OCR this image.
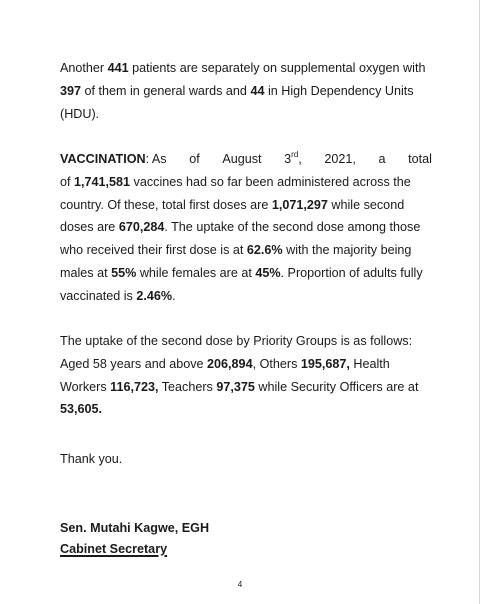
Another 441 patients are separately on supplemental oxygen with
397 of them in general wards and 44 in High Dependency Units
(HDU).

VACCINATION: As of August 3rd, 2021, a total
of 1,741,581 vaccines had so far been administered across the
country. Of these, total first doses are 1,071,297 while second
doses are 670,284. The uptake of the second dose among those
who received their first dose is at 62.6% with the majority being
males at 55% while females are at 45%. Proportion of adults fully
vaccinated is 2.46%.

The uptake of the second dose by Priority Groups is as follows:
Aged 58 years and above 206,894, Others 195,687, Health
Workers 116,723, Teachers 97,375 while Security Officers are at
53,605.

Thank you.

Sen. Mutahi Kagwe, EGH

Cabinet Secretary

4
